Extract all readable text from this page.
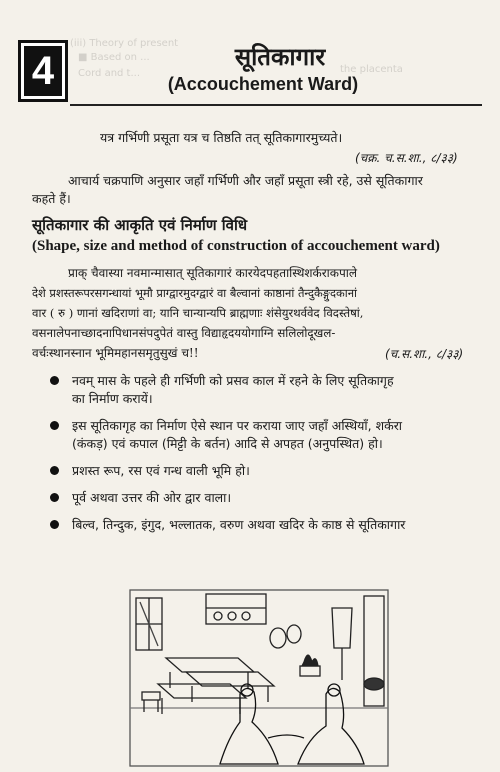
(iii) Theory of present
■ Based on ...
the placenta
Cord and t...
4	सूतिकागार
(Accouchement Ward)
यत्र गर्भिणी प्रसूता यत्र च तिष्ठति तत् सूतिकागारमुच्यते।
(चक्र. च.स.शा., ८/३३)
आचार्य चक्रपाणि अनुसार जहाँ गर्भिणी और जहाँ प्रसूता स्त्री रहे, उसे सूतिकागार
कहते हैं।
सूतिकागार की आकृति एवं निर्माण विधि
(Shape, size and method of construction of accouchement ward)
प्राक् चैवास्या नवमान्मासात् सूतिकागारं कारयेदपहतास्थिशर्कराकपाले
देशे प्रशस्तरूपरसगन्धायां भूमौ प्राग्द्वारमुदग्द्वारं वा बैल्वानां काष्ठानां तैन्दुकैङ्गुदकानां
वार ( रु ) णानां खदिराणां वा; यानि चान्यान्यपि ब्राह्मणाः शंसेयुरथर्ववेद विदस्तेषां,
वसनालेपनाच्छादनापिधानसंपदुपेतं वास्तु विद्याहृदययोगाग्नि सलिलोदूखल-
वर्चःस्थानस्नान भूमिमहानसमृतुसुखं च!!	(च.स.शा., ८/३३)
नवम् मास के पहले ही गर्भिणी को प्रसव काल में रहने के लिए सूतिकागृह
का निर्माण करायें।
इस सूतिकागृह का निर्माण ऐसे स्थान पर कराया जाए जहाँ अस्थियाँ, शर्करा
(कंकड़) एवं कपाल (मिट्टी के बर्तन) आदि से अपहत (अनुपस्थित) हो।
प्रशस्त रूप, रस एवं गन्ध वाली भूमि हो।
पूर्व अथवा उत्तर की ओर द्वार वाला।
बिल्व, तिन्दुक, इंगुद, भल्लातक, वरुण अथवा खदिर के काष्ठ से सूतिकागार
